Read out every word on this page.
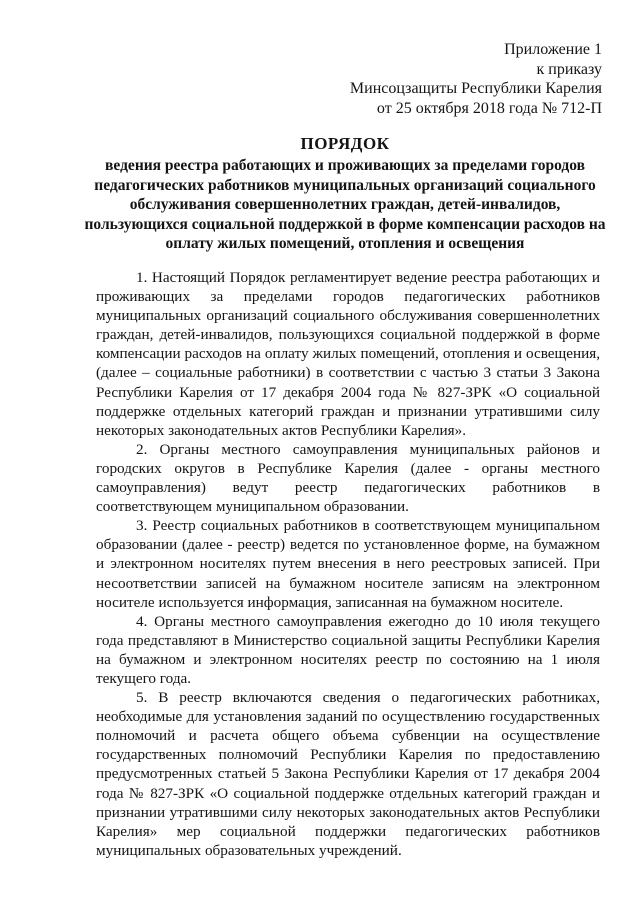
Приложение 1
к приказу
Минсоцзащиты Республики Карелия
от 25 октября 2018 года № 712-П
ПОРЯДОК
ведения реестра работающих и проживающих за пределами городов педагогических работников муниципальных организаций социального обслуживания совершеннолетних граждан, детей-инвалидов, пользующихся социальной поддержкой в форме компенсации расходов на оплату жилых помещений, отопления и освещения

1. Настоящий Порядок регламентирует ведение реестра работающих и проживающих за пределами городов педагогических работников муниципальных организаций социального обслуживания совершеннолетних граждан, детей-инвалидов, пользующихся социальной поддержкой в форме компенсации расходов на оплату жилых помещений, отопления и освещения, (далее – социальные работники) в соответствии с частью 3 статьи 3 Закона Республики Карелия от 17 декабря 2004 года № 827-ЗРК «О социальной поддержке отдельных категорий граждан и признании утратившими силу некоторых законодательных актов Республики Карелия».

2. Органы местного самоуправления муниципальных районов и городских округов в Республике Карелия (далее - органы местного самоуправления) ведут реестр педагогических работников в соответствующем муниципальном образовании.

3. Реестр социальных работников в соответствующем муниципальном образовании (далее - реестр) ведется по установленное форме, на бумажном и электронном носителях путем внесения в него реестровых записей. При несоответствии записей на бумажном носителе записям на электронном носителе используется информация, записанная на бумажном носителе.

4. Органы местного самоуправления ежегодно до 10 июля текущего года представляют в Министерство социальной защиты Республики Карелия на бумажном и электронном носителях реестр по состоянию на 1 июля текущего года.

5. В реестр включаются сведения о педагогических работниках, необходимые для установления заданий по осуществлению государственных полномочий и расчета общего объема субвенции на осуществление государственных полномочий Республики Карелия по предоставлению предусмотренных статьей 5 Закона Республики Карелия от 17 декабря 2004 года № 827-ЗРК «О социальной поддержке отдельных категорий граждан и признании утратившими силу некоторых законодательных актов Республики Карелия» мер социальной поддержки педагогических работников муниципальных образовательных учреждений.
